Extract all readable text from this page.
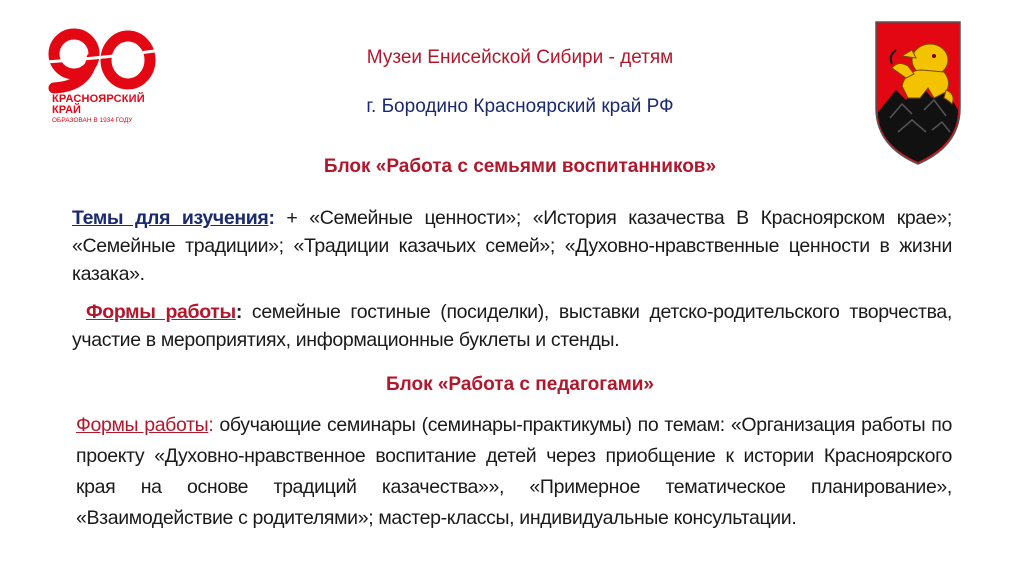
КРАСНОЯРСКИЙ
КРАЙ
ОБРАЗОВАН В 1934 ГОДУ
Музеи Енисейской Сибири - детям
г. Бородино Красноярский край РФ
Блок «Работа с семьями воспитанников»
Темы для изучения: + «Семейные ценности»; «История казачества В Красноярском крае»; «Семейные традиции»; «Традиции казачьих семей»; «Духовно-нравственные ценности в жизни казака».
Формы работы: семейные гостиные (посиделки), выставки детско-родительского творчества, участие в мероприятиях, информационные буклеты и стенды.
Блок «Работа с педагогами»
Формы работы: обучающие семинары (семинары-практикумы) по темам: «Организация работы по проекту «Духовно-нравственное воспитание детей через приобщение к истории Красноярского края на основе традиций казачества»», «Примерное тематическое планирование», «Взаимодействие с родителями»; мастер-классы, индивидуальные консультации.
